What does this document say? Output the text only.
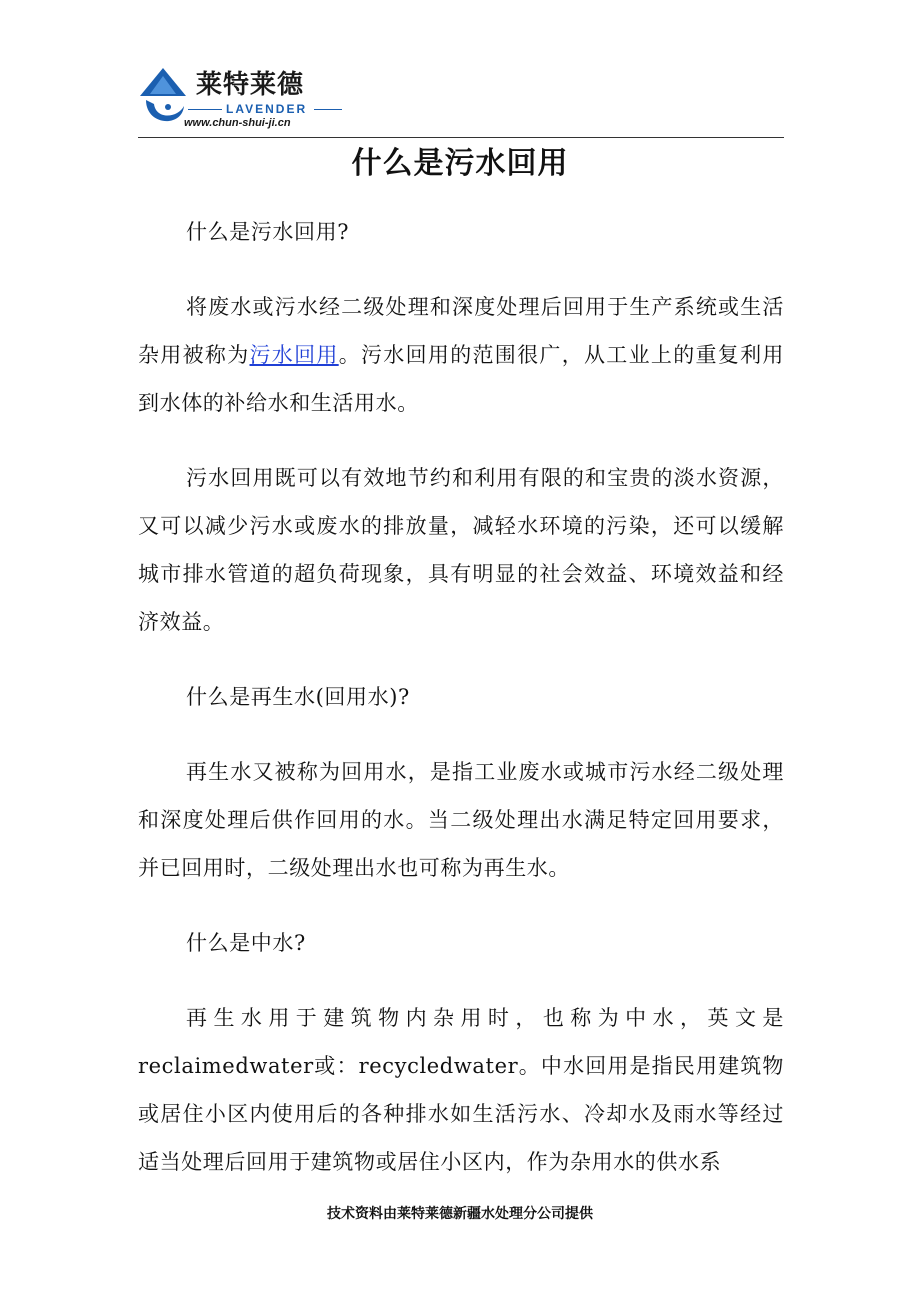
莱特莱德
LAVENDER
www.chun-shui-ji.cn
什么是污水回用

什么是污水回用?

将废水或污水经二级处理和深度处理后回用于生产系统或生活杂用被称为污水回用。污水回用的范围很广，从工业上的重复利用到水体的补给水和生活用水。

污水回用既可以有效地节约和利用有限的和宝贵的淡水资源，又可以减少污水或废水的排放量，减轻水环境的污染，还可以缓解城市排水管道的超负荷现象，具有明显的社会效益、环境效益和经济效益。

什么是再生水(回用水)?

再生水又被称为回用水，是指工业废水或城市污水经二级处理和深度处理后供作回用的水。当二级处理出水满足特定回用要求，并已回用时，二级处理出水也可称为再生水。

什么是中水?

再生水用于建筑物内杂用时，也称为中水，英文是reclaimedwater或：recycledwater。中水回用是指民用建筑物或居住小区内使用后的各种排水如生活污水、冷却水及雨水等经过适当处理后回用于建筑物或居住小区内，作为杂用水的供水系

技术资料由莱特莱德新疆水处理分公司提供
